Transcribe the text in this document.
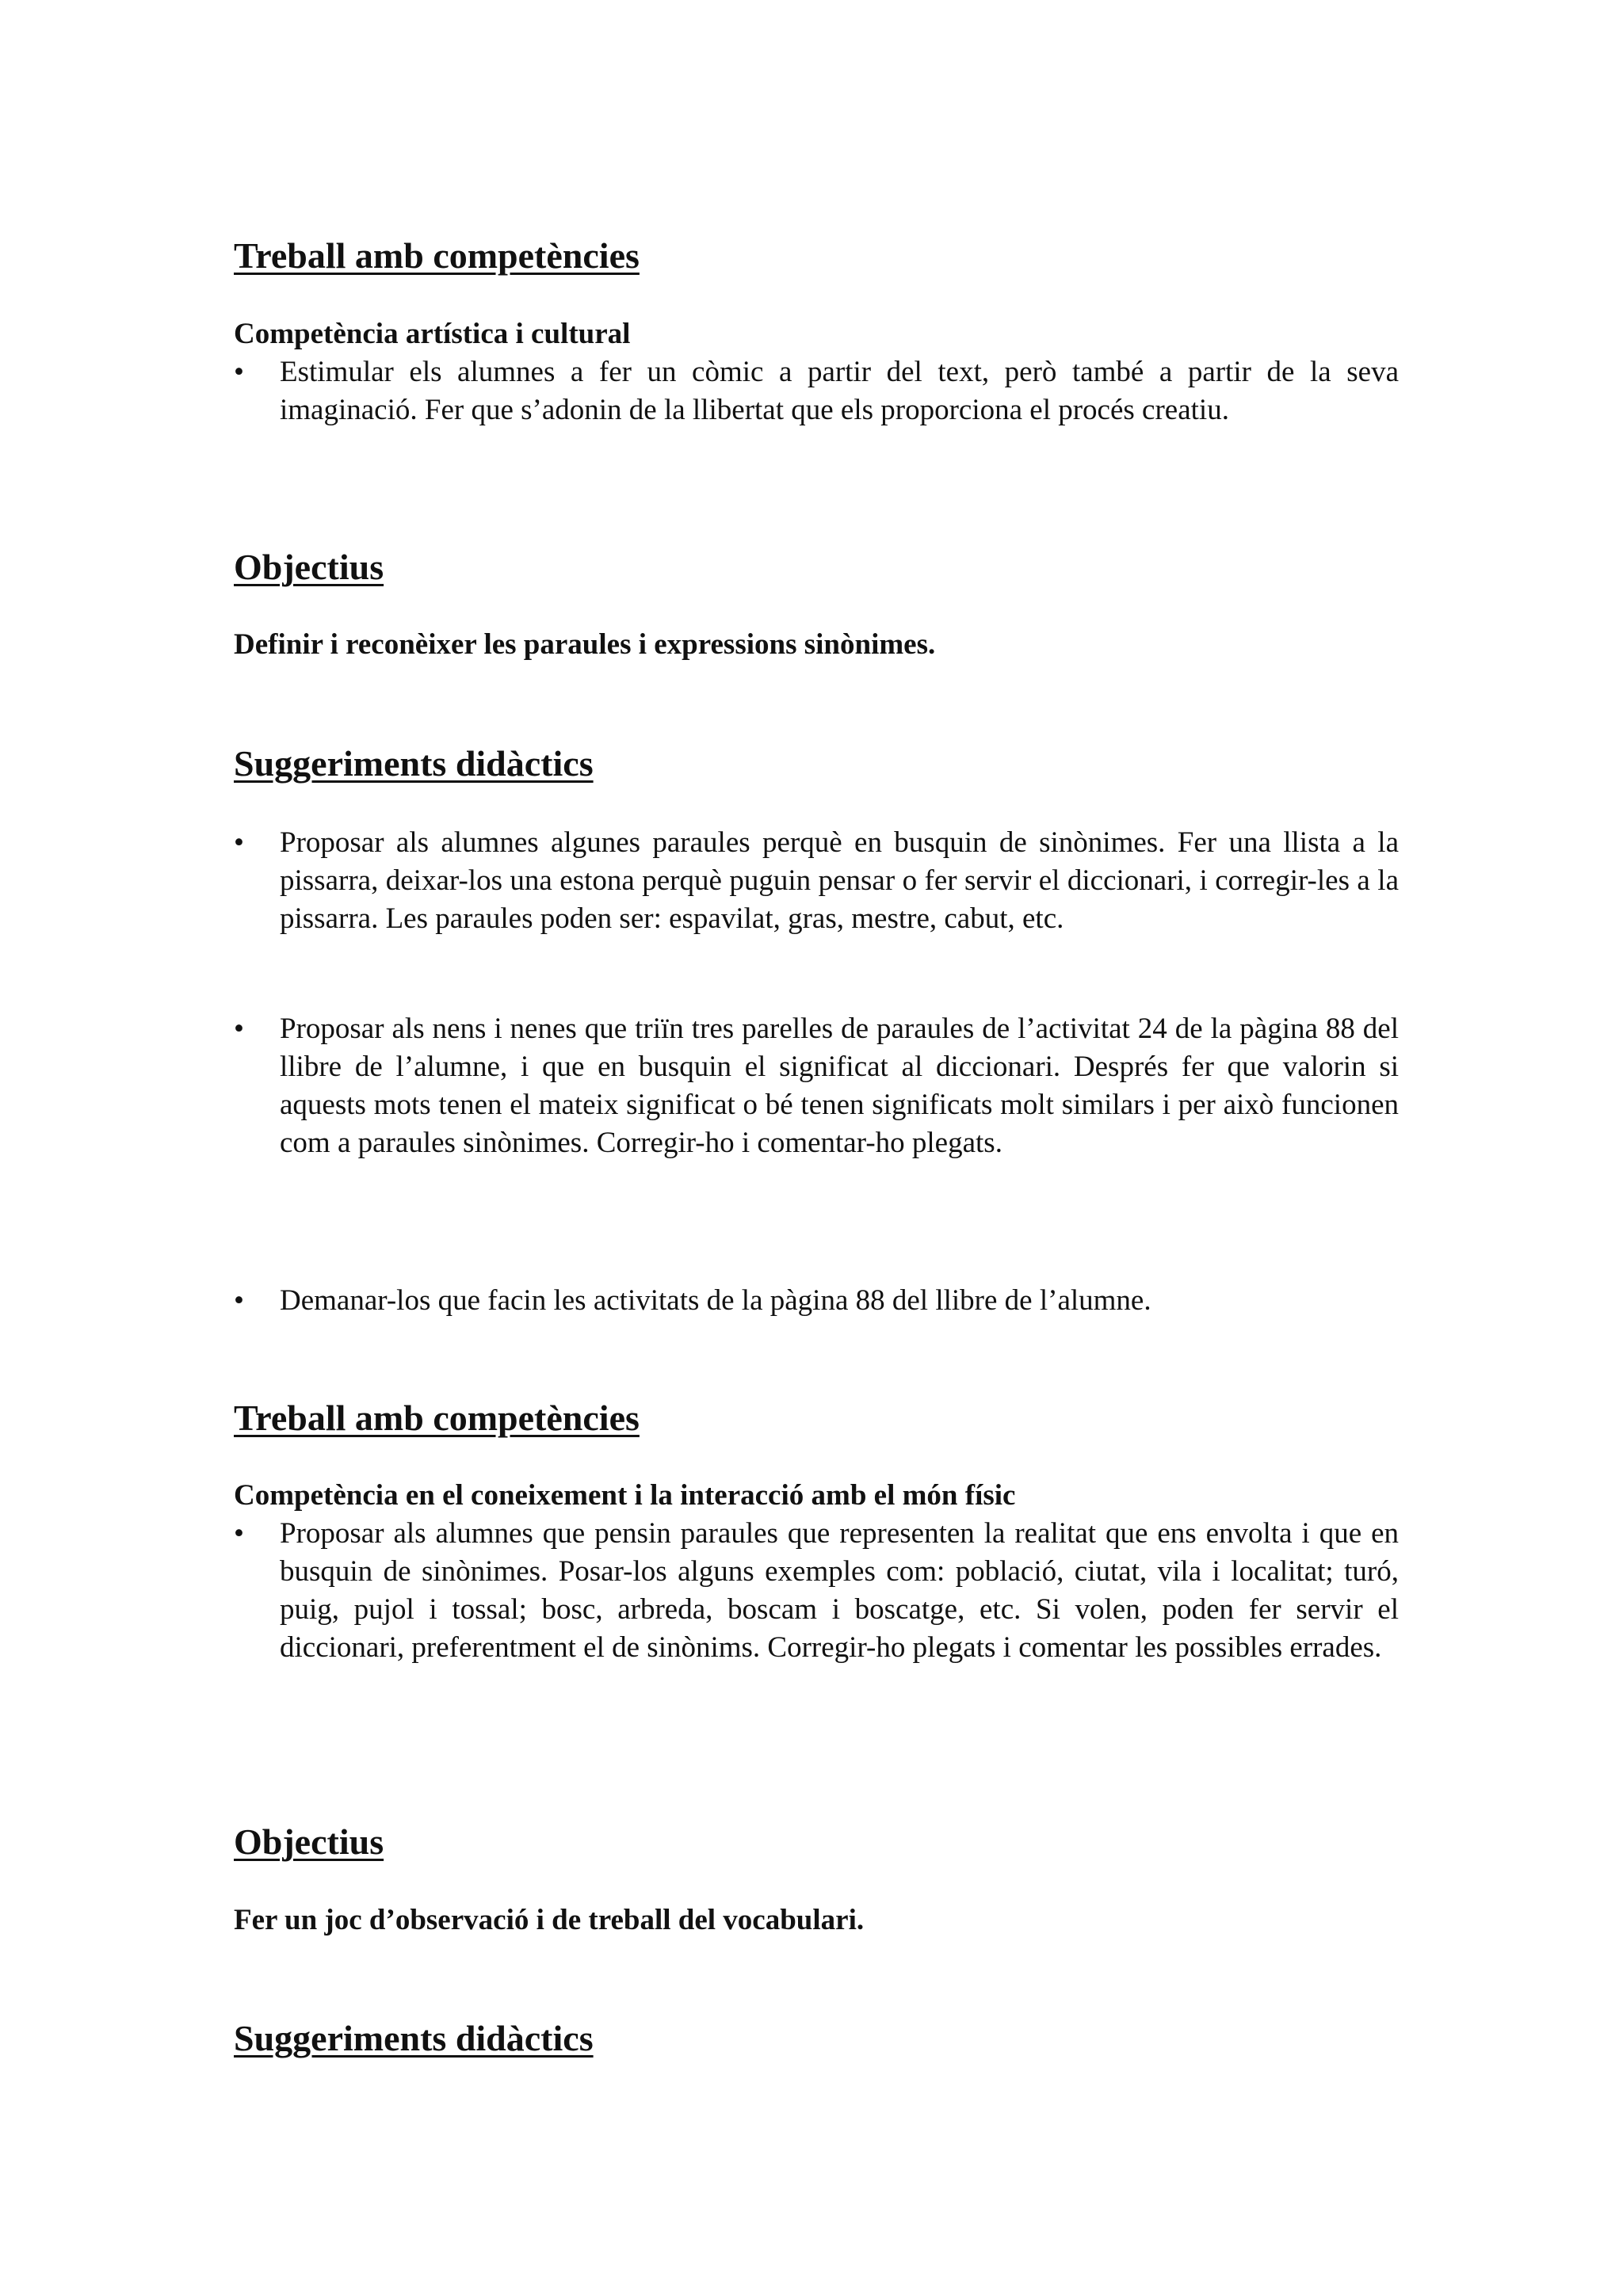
Treball amb competències

Competència artística i cultural

•	Estimular els alumnes a fer un còmic a partir del text, però també a partir de la seva imaginació. Fer que s’adonin de la llibertat que els proporciona el procés creatiu.
Objectius

Definir i reconèixer les paraules i expressions sinònimes.

Suggeriments didàctics
•	Proposar als alumnes algunes paraules perquè en busquin de sinònimes. Fer una llista a la pissarra, deixar-los una estona perquè puguin pensar o fer servir el diccionari, i corregir-les a la pissarra. Les paraules poden ser: espavilat, gras, mestre, cabut, etc.
•	Proposar als nens i nenes que triïn tres parelles de paraules de l’activitat 24 de la pàgina 88 del llibre de l’alumne, i que en busquin el significat al diccionari. Després fer que valorin si aquests mots tenen el mateix significat o bé tenen significats molt similars i per això funcionen com a paraules sinònimes. Corregir-ho i comentar-ho plegats.
•	Demanar-los que facin les activitats de la pàgina 88 del llibre de l’alumne.
Treball amb competències

Competència en el coneixement i la interacció amb el món físic

•	Proposar als alumnes que pensin paraules que representen la realitat que ens envolta i que en busquin de sinònimes. Posar-los alguns exemples com: població, ciutat, vila i localitat; turó, puig, pujol i tossal; bosc, arbreda, boscam i boscatge, etc. Si volen, poden fer servir el diccionari, preferentment el de sinònims. Corregir-ho plegats i comentar les possibles errades.
Objectius

Fer un joc d’observació i de treball del vocabulari.

Suggeriments didàctics
